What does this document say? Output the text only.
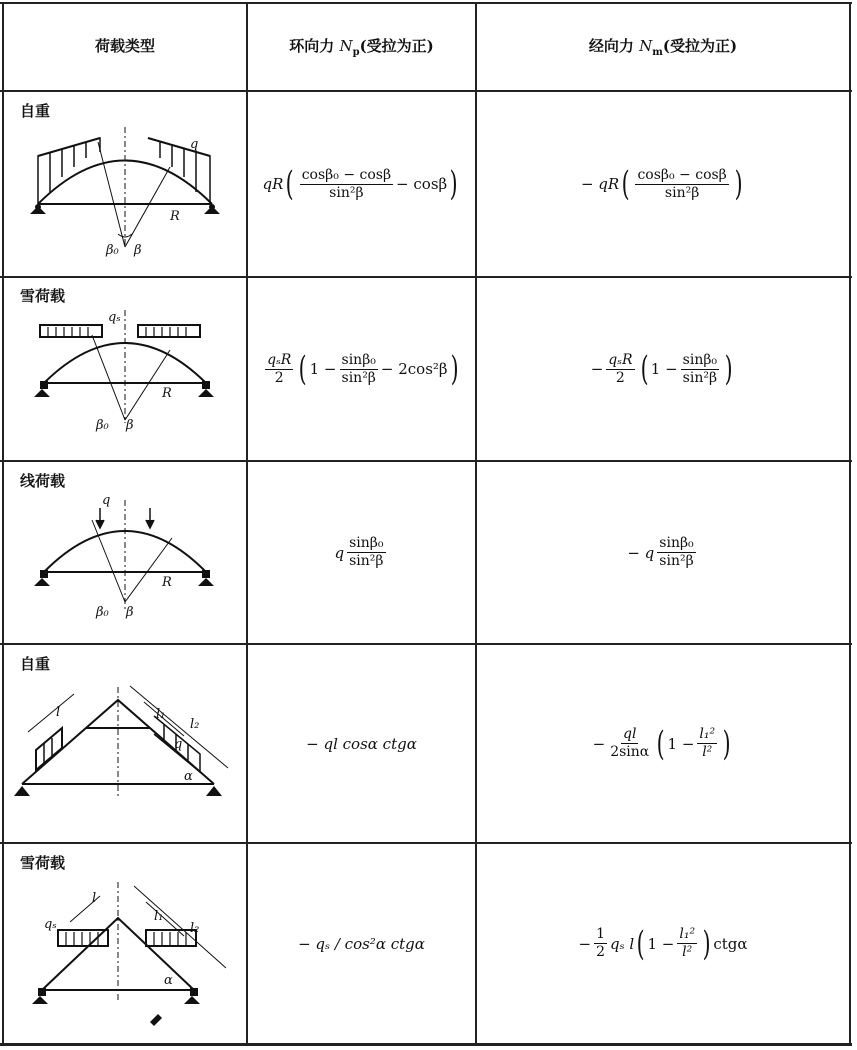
荷载类型	环向力 $N_p$(受拉为正)	经向力 $N_m$(受拉为正)
自重
q
R
β₀ β
qR ( $\frac{\text{cosβ₀ − cosβ}}{\text{sin²β}} - \cos\beta$ )	− qR ( $\frac{\text{cosβ₀ − cosβ}}{\text{sin²β}}$ )
雪荷载
qₛ
R
β₀ β
$\frac{\text{qₛR}}{2}$ ( $1 - \frac{\text{sinβ₀}}{\text{sin²β}} - 2\cos^2\beta$ )	− $\frac{\text{qₛR}}{2}$ ( $1 - \frac{\text{sinβ₀}}{\text{sin²β}}$ )
线荷载
q
R
β₀ β
q $\frac{\text{sinβ₀}}{\text{sin²β}}$	− q $\frac{\text{sinβ₀}}{\text{sin²β}}$
自重
l	l₁
l₂
q
α
− ql cosα ctgα	− $\frac{ql}{2\sin\alpha}$ ( $1 - \frac{\text{l₁²}}{\text{l²}}$ )
雪荷载
qₛ
l
l₁
l₂
α
− qₛ / cos²α ctgα	− $\frac{1}{2}$ qₛ l ( $1 - \frac{\text{l₁²}}{\text{l²}}$ ) ctgα
